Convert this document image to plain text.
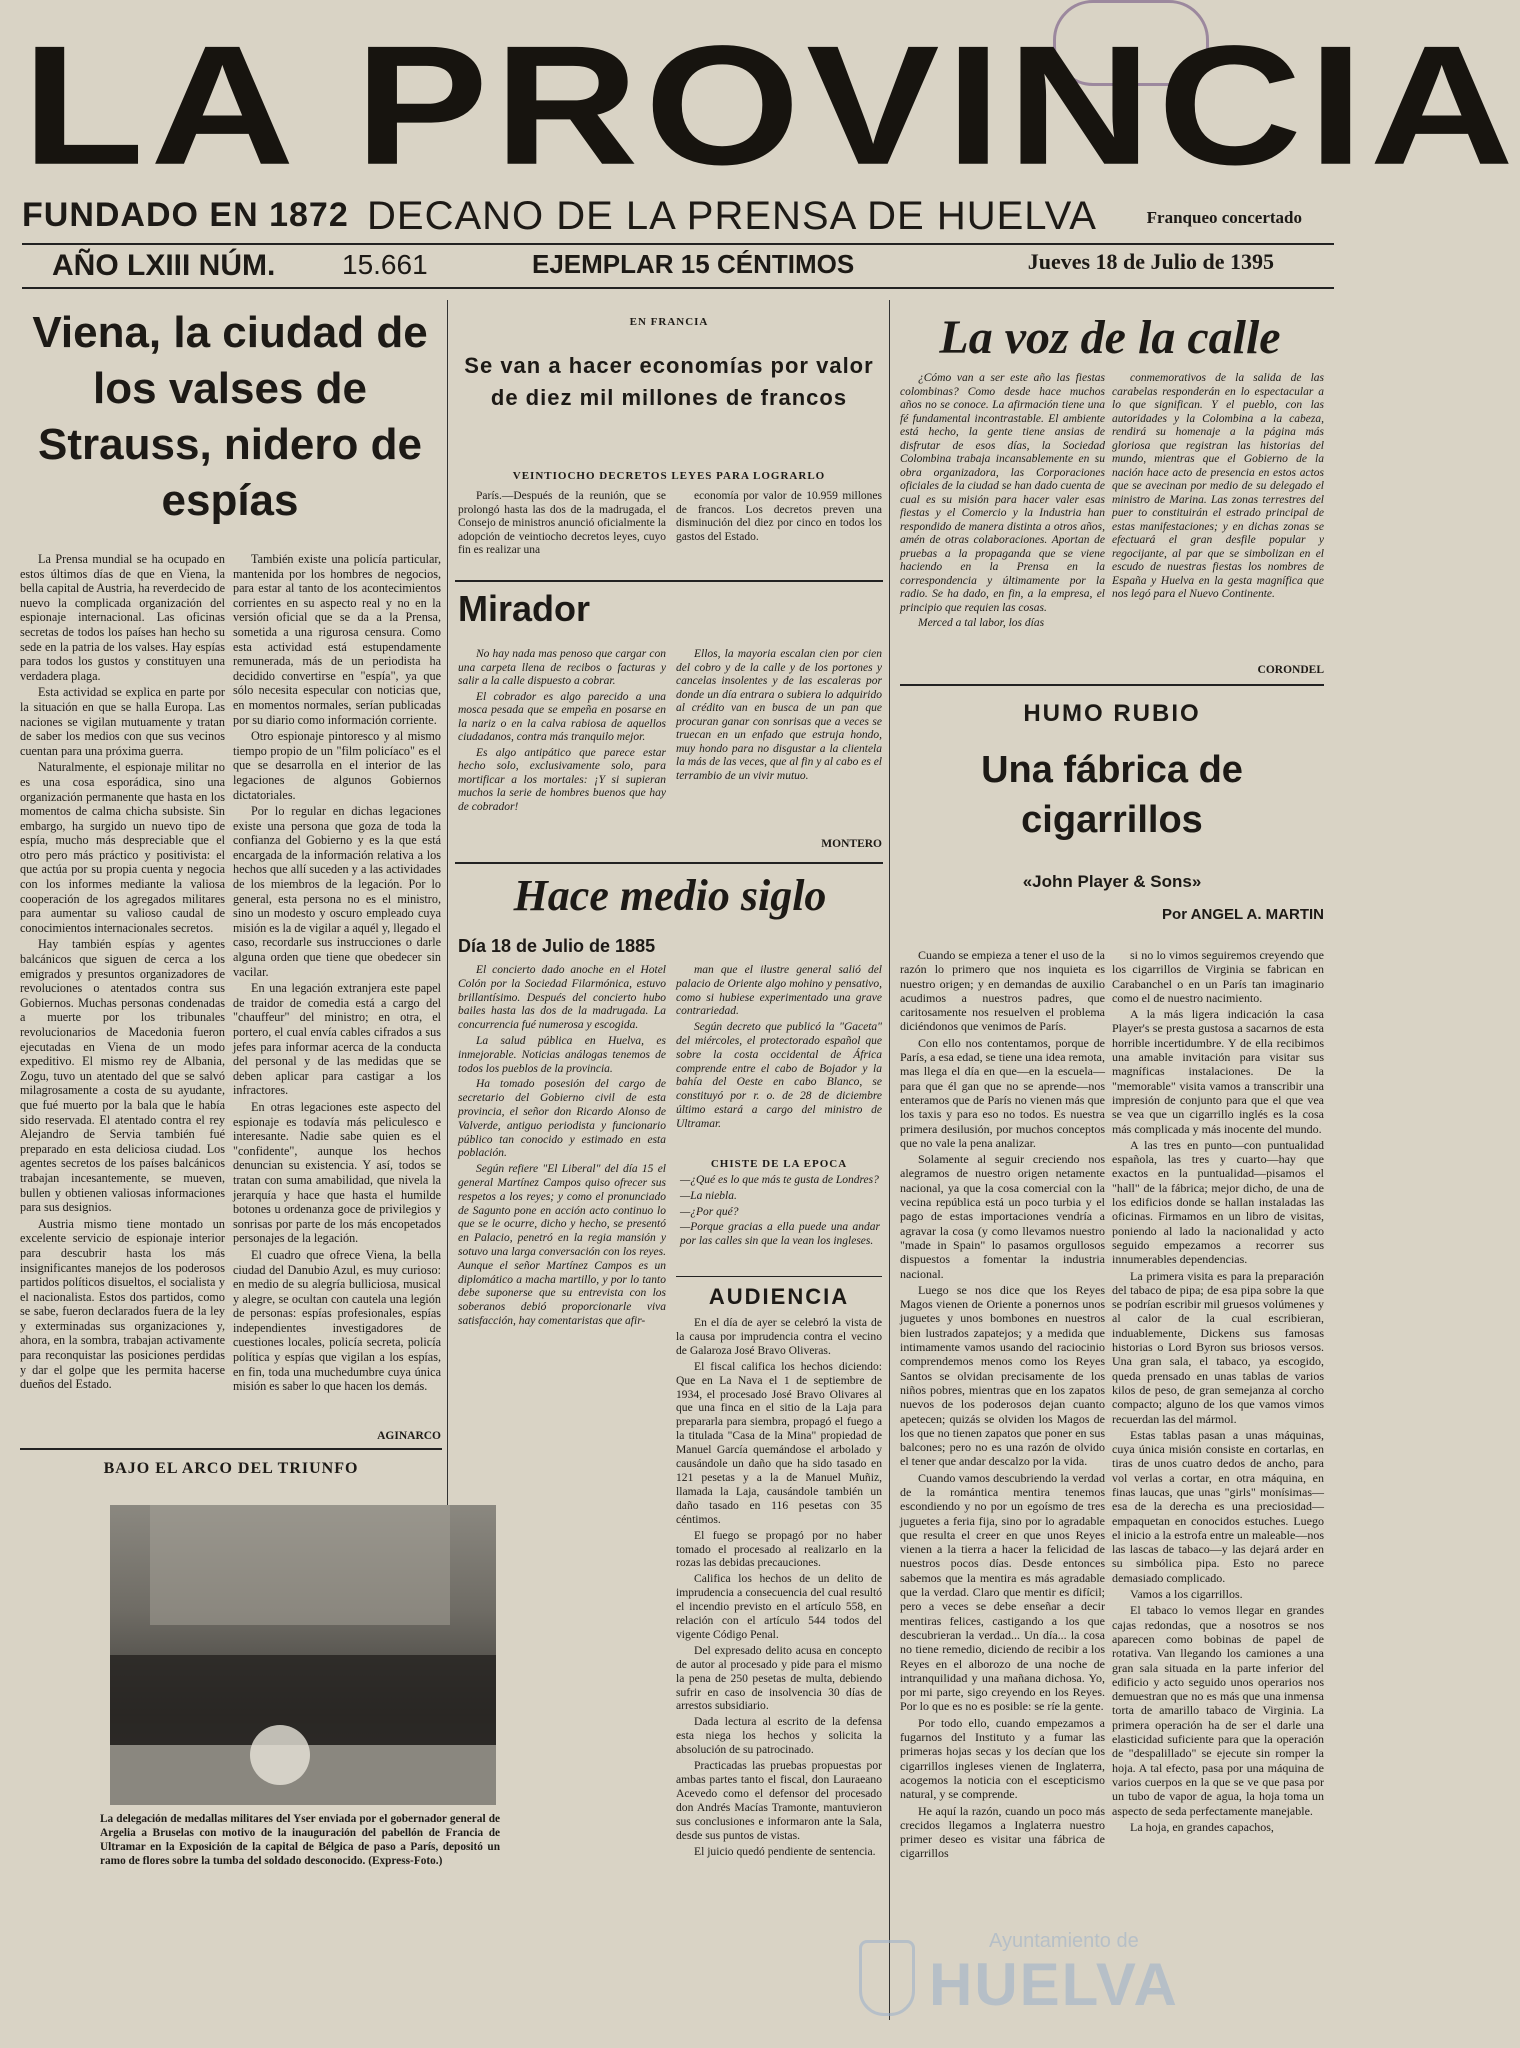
LA PROVINCIA
FUNDADO EN 1872 DECANO DE LA PRENSA DE HUELVA	Franqueo concertado
AÑO LXIII NÚM. 15.661	EJEMPLAR 15 CÉNTIMOS	Jueves 18 de Julio de 1395
Viena, la ciudad de los valses de Strauss, nidero de espías

La Prensa mundial se ha ocupado en estos últimos días de que en Viena, la bella capital de Austria, ha reverdecido de nuevo la complicada organización del espionaje internacional. Las oficinas secretas de todos los países han hecho su sede en la patria de los valses. Hay espías para todos los gustos y constituyen una verdadera plaga.

Esta actividad se explica en parte por la situación en que se halla Europa. Las naciones se vigilan mutuamente y tratan de saber los medios con que sus vecinos cuentan para una próxima guerra.

Naturalmente, el espionaje militar no es una cosa esporádica, sino una organización permanente que hasta en los momentos de calma chicha subsiste. Sin embargo, ha surgido un nuevo tipo de espía, mucho más despreciable que el otro pero más práctico y positivista: el que actúa por su propia cuenta y negocia con los informes mediante la valiosa cooperación de los agregados militares para aumentar su valioso caudal de conocimientos internacionales secretos.

Hay también espías y agentes balcánicos que siguen de cerca a los emigrados y presuntos organizadores de revoluciones o atentados contra sus Gobiernos. Muchas personas condenadas a muerte por los tribunales revolucionarios de Macedonia fueron ejecutadas en Viena de un modo expeditivo. El mismo rey de Albania, Zogu, tuvo un atentado del que se salvó milagrosamente a costa de su ayudante, que fué muerto por la bala que le había sido reservada. El atentado contra el rey Alejandro de Servia también fué preparado en esta deliciosa ciudad. Los agentes secretos de los países balcánicos trabajan incesantemente, se mueven, bullen y obtienen valiosas informaciones para sus designios.

Austria mismo tiene montado un excelente servicio de espionaje interior para descubrir hasta los más insignificantes manejos de los poderosos partidos políticos disueltos, el socialista y el nacionalista. Estos dos partidos, como se sabe, fueron declarados fuera de la ley y exterminadas sus organizaciones y, ahora, en la sombra, trabajan activamente para reconquistar las posiciones perdidas y dar el golpe que les permita hacerse dueños del Estado.

También existe una policía particular, mantenida por los hombres de negocios, para estar al tanto de los acontecimientos corrientes en su aspecto real y no en la versión oficial que se da a la Prensa, sometida a una rigurosa censura. Como esta actividad está estupendamente remunerada, más de un periodista ha decidido convertirse en "espía", ya que sólo necesita especular con noticias que, en momentos normales, serían publicadas por su diario como información corriente.

Otro espionaje pintoresco y al mismo tiempo propio de un "film policíaco" es el que se desarrolla en el interior de las legaciones de algunos Gobiernos dictatoriales.

Por lo regular en dichas legaciones existe una persona que goza de toda la confianza del Gobierno y es la que está encargada de la información relativa a los hechos que allí suceden y a las actividades de los miembros de la legación. Por lo general, esta persona no es el ministro, sino un modesto y oscuro empleado cuya misión es la de vigilar a aquél y, llegado el caso, recordarle sus instrucciones o darle alguna orden que tiene que obedecer sin vacilar.

En una legación extranjera este papel de traidor de comedia está a cargo del "chauffeur" del ministro; en otra, el portero, el cual envía cables cifrados a sus jefes para informar acerca de la conducta del personal y de las medidas que se deben aplicar para castigar a los infractores.

En otras legaciones este aspecto del espionaje es todavía más peliculesco e interesante. Nadie sabe quien es el "confidente", aunque los hechos denuncian su existencia. Y así, todos se tratan con suma amabilidad, que nivela la jerarquía y hace que hasta el humilde botones u ordenanza goce de privilegios y sonrisas por parte de los más encopetados personajes de la legación.

El cuadro que ofrece Viena, la bella ciudad del Danubio Azul, es muy curioso: en medio de su alegría bulliciosa, musical y alegre, se ocultan con cautela una legión de personas: espías profesionales, espías independientes investigadores de cuestiones locales, policía secreta, policía política y espías que vigilan a los espías, en fin, toda una muchedumbre cuya única misión es saber lo que hacen los demás.

AGINARCO
BAJO EL ARCO DEL TRIUNFO
La delegación de medallas militares del Yser enviada por el gobernador general de Argelia a Bruselas con motivo de la inauguración del pabellón de Francia de Ultramar en la Exposición de la capital de Bélgica de paso a París, depositó un ramo de flores sobre la tumba del soldado desconocido. (Express-Foto.)
EN FRANCIA
Se van a hacer economías por valor de diez mil millones de francos
VEINTIOCHO DECRETOS LEYES PARA LOGRARLO

París.—Después de la reunión, que se prolongó hasta las dos de la madrugada, el Consejo de ministros anunció oficialmente la adopción de veintiocho decretos leyes, cuyo fin es realizar una

economía por valor de 10.959 millones de francos. Los decretos preven una disminución del diez por cinco en todos los gastos del Estado.

Mirador

No hay nada mas penoso que cargar con una carpeta llena de recibos o facturas y salir a la calle dispuesto a cobrar.

El cobrador es algo parecido a una mosca pesada que se empeña en posarse en la nariz o en la calva rabiosa de aquellos ciudadanos, contra más tranquilo mejor.

Es algo antipático que parece estar hecho solo, exclusivamente solo, para mortificar a los mortales: ¡Y si supieran muchos la serie de hombres buenos que hay de cobrador!

Ellos, la mayoria escalan cien por cien del cobro y de la calle y de los portones y cancelas insolentes y de las escaleras por donde un día entrara o subiera lo adquirido al crédito van en busca de un pan que procuran ganar con sonrisas que a veces se truecan en un enfado que estruja hondo, muy hondo para no disgustar a la clientela la más de las veces, que al fin y al cabo es el terrambio de un vivir mutuo.

MONTERO
Hace medio siglo
Día 18 de Julio de 1885

El concierto dado anoche en el Hotel Colón por la Sociedad Filarmónica, estuvo brillantísimo. Después del concierto hubo bailes hasta las dos de la madrugada. La concurrencia fué numerosa y escogida.

La salud pública en Huelva, es inmejorable. Noticias análogas tenemos de todos los pueblos de la provincia.

Ha tomado posesión del cargo de secretario del Gobierno civil de esta provincia, el señor don Ricardo Alonso de Valverde, antiguo periodista y funcionario público tan conocido y estimado en esta población.

Según refiere "El Liberal" del día 15 el general Martínez Campos quiso ofrecer sus respetos a los reyes; y como el pronunciado de Sagunto pone en acción acto continuo lo que se le ocurre, dicho y hecho, se presentó en Palacio, penetró en la regia mansión y sotuvo una larga conversación con los reyes. Aunque el señor Martínez Campos es un diplomático a macha martillo, y por lo tanto debe suponerse que su entrevista con los soberanos debió proporcionarle viva satisfacción, hay comentaristas que afir-

man que el ilustre general salió del palacio de Oriente algo mohino y pensativo, como si hubiese experimentado una grave contrariedad.

Según decreto que publicó la "Gaceta" del miércoles, el protectorado español que sobre la costa occidental de África comprende entre el cabo de Bojador y la bahía del Oeste en cabo Blanco, se constituyó por r. o. de 28 de diciembre último estará a cargo del ministro de Ultramar.

CHISTE DE LA EPOCA

—¿Qué es lo que más te gusta de Londres?

—La niebla.

—¿Por qué?

—Porque gracias a ella puede una andar por las calles sin que la vean los ingleses.

AUDIENCIA

En el día de ayer se celebró la vista de la causa por imprudencia contra el vecino de Galaroza José Bravo Oliveras.

El fiscal califica los hechos diciendo: Que en La Nava el 1 de septiembre de 1934, el procesado José Bravo Olivares al que una finca en el sitio de la Laja para prepararla para siembra, propagó el fuego a la titulada "Casa de la Mina" propiedad de Manuel García quemándose el arbolado y causándole un daño que ha sido tasado en 121 pesetas y a la de Manuel Muñiz, llamada la Laja, causándole también un daño tasado en 116 pesetas con 35 céntimos.

El fuego se propagó por no haber tomado el procesado al realizarlo en la rozas las debidas precauciones.

Califica los hechos de un delito de imprudencia a consecuencia del cual resultó el incendio previsto en el artículo 558, en relación con el artículo 544 todos del vigente Código Penal.

Del expresado delito acusa en concepto de autor al procesado y pide para el mismo la pena de 250 pesetas de multa, debiendo sufrir en caso de insolvencia 30 días de arrestos subsidiario.

Dada lectura al escrito de la defensa esta niega los hechos y solicita la absolución de su patrocinado.

Practicadas las pruebas propuestas por ambas partes tanto el fiscal, don Lauraeano Acevedo como el defensor del procesado don Andrés Macías Tramonte, mantuvieron sus conclusiones e informaron ante la Sala, desde sus puntos de vistas.

El juicio quedó pendiente de sentencia.

La voz de la calle

¿Cómo van a ser este año las fiestas colombinas? Como desde hace muchos años no se conoce. La afirmación tiene una fé fundamental incontrastable. El ambiente está hecho, la gente tiene ansias de disfrutar de esos días, la Sociedad Colombina trabaja incansablemente en su obra organizadora, las Corporaciones oficiales de la ciudad se han dado cuenta de cual es su misión para hacer valer esas fiestas y el Comercio y la Industria han respondido de manera distinta a otros años, amén de otras colaboraciones. Aportan de pruebas a la propaganda que se viene haciendo en la Prensa en la correspondencia y últimamente por la radio. Se ha dado, en fin, a la empresa, el principio que requien las cosas.

Merced a tal labor, los días

conmemorativos de la salida de las carabelas responderán en lo espectacular a lo que significan. Y el pueblo, con las autoridades y la Colombina a la cabeza, rendirá su homenaje a la página más gloriosa que registran las historias del mundo, mientras que el Gobierno de la nación hace acto de presencia en estos actos que se avecinan por medio de su delegado el ministro de Marina. Las zonas terrestres del puer to constituirán el estrado principal de estas manifestaciones; y en dichas zonas se efectuará el gran desfile popular y regocijante, al par que se simbolizan en el escudo de nuestras fiestas los nombres de España y Huelva en la gesta magnífica que nos legó para el Nuevo Continente.

CORONDEL
HUMO RUBIO
Una fábrica de cigarrillos
«John Player & Sons»
Por ANGEL A. MARTIN

Cuando se empieza a tener el uso de la razón lo primero que nos inquieta es nuestro origen; y en demandas de auxilio acudimos a nuestros padres, que caritosamente nos resuelven el problema diciéndonos que venimos de París.

Con ello nos contentamos, porque de París, a esa edad, se tiene una idea remota, mas llega el día en que—en la escuela—para que él gan que no se aprende—nos enteramos que de París no vienen más que los taxis y para eso no todos. Es nuestra primera desilusión, por muchos conceptos que no vale la pena analizar.

Solamente al seguir creciendo nos alegramos de nuestro origen netamente nacional, ya que la cosa comercial con la vecina república está un poco turbia y el pago de estas importaciones vendría a agravar la cosa (y como llevamos nuestro "made in Spain" lo pasamos orgullosos dispuestos a fomentar la industria nacional.

Luego se nos dice que los Reyes Magos vienen de Oriente a ponernos unos juguetes y unos bombones en nuestros bien lustrados zapatejos; y a medida que intimamente vamos usando del raciocinio comprendemos menos como los Reyes Santos se olvidan precisamente de los niños pobres, mientras que en los zapatos nuevos de los poderosos dejan cuanto apetecen; quizás se olviden los Magos de los que no tienen zapatos que poner en sus balcones; pero no es una razón de olvido el tener que andar descalzo por la vida.

Cuando vamos descubriendo la verdad de la romántica mentira tenemos escondiendo y no por un egoísmo de tres juguetes a feria fija, sino por lo agradable que resulta el creer en que unos Reyes vienen a la tierra a hacer la felicidad de nuestros pocos días. Desde entonces sabemos que la mentira es más agradable que la verdad. Claro que mentir es difícil; pero a veces se debe enseñar a decir mentiras felices, castigando a los que descubrieran la verdad... Un día... la cosa no tiene remedio, diciendo de recibir a los Reyes en el alborozo de una noche de intranquilidad y una mañana dichosa. Yo, por mi parte, sigo creyendo en los Reyes. Por lo que es no es posible: se ríe la gente.

Por todo ello, cuando empezamos a fugarnos del Instituto y a fumar las primeras hojas secas y los decían que los cigarrillos ingleses vienen de Inglaterra, acogemos la noticia con el escepticismo natural, y se comprende.

He aquí la razón, cuando un poco más crecidos llegamos a Inglaterra nuestro primer deseo es visitar una fábrica de cigarrillos

si no lo vimos seguiremos creyendo que los cigarrillos de Virginia se fabrican en Carabanchel o en un París tan imaginario como el de nuestro nacimiento.

A la más ligera indicación la casa Player's se presta gustosa a sacarnos de esta horrible incertidumbre. Y de ella recibimos una amable invitación para visitar sus magníficas instalaciones. De la "memorable" visita vamos a transcribir una impresión de conjunto para que el que vea se vea que un cigarrillo inglés es la cosa más complicada y más inocente del mundo.

A las tres en punto—con puntualidad española, las tres y cuarto—hay que exactos en la puntualidad—pisamos el "hall" de la fábrica; mejor dicho, de una de los edificios donde se hallan instaladas las oficinas. Firmamos en un libro de visitas, poniendo al lado la nacionalidad y acto seguido empezamos a recorrer sus innumerables dependencias.

La primera visita es para la preparación del tabaco de pipa; de esa pipa sobre la que se podrían escribir mil gruesos volúmenes y al calor de la cual escribieran, induablemente, Dickens sus famosas historias o Lord Byron sus briosos versos. Una gran sala, el tabaco, ya escogido, queda prensado en unas tablas de varios kilos de peso, de gran semejanza al corcho compacto; alguno de los que vamos vimos recuerdan las del mármol.

Estas tablas pasan a unas máquinas, cuya única misión consiste en cortarlas, en tiras de unos cuatro dedos de ancho, para vol verlas a cortar, en otra máquina, en finas laucas, que unas "girls" monísimas—esa de la derecha es una preciosidad—empaquetan en conocidos estuches. Luego el inicio a la estrofa entre un maleable—nos las lascas de tabaco—y las dejará arder en su simbólica pipa. Esto no parece demasiado complicado.

Vamos a los cigarrillos.

El tabaco lo vemos llegar en grandes cajas redondas, que a nosotros se nos aparecen como bobinas de papel de rotativa. Van llegando los camiones a una gran sala situada en la parte inferior del edificio y acto seguido unos operarios nos demuestran que no es más que una inmensa torta de amarillo tabaco de Virginia. La primera operación ha de ser el darle una elasticidad suficiente para que la operación de "despalillado" se ejecute sin romper la hoja. A tal efecto, pasa por una máquina de varios cuerpos en la que se ve que pasa por un tubo de vapor de agua, la hoja toma un aspecto de seda perfectamente manejable.

La hoja, en grandes capachos,

Ayuntamiento de
HUELVA
